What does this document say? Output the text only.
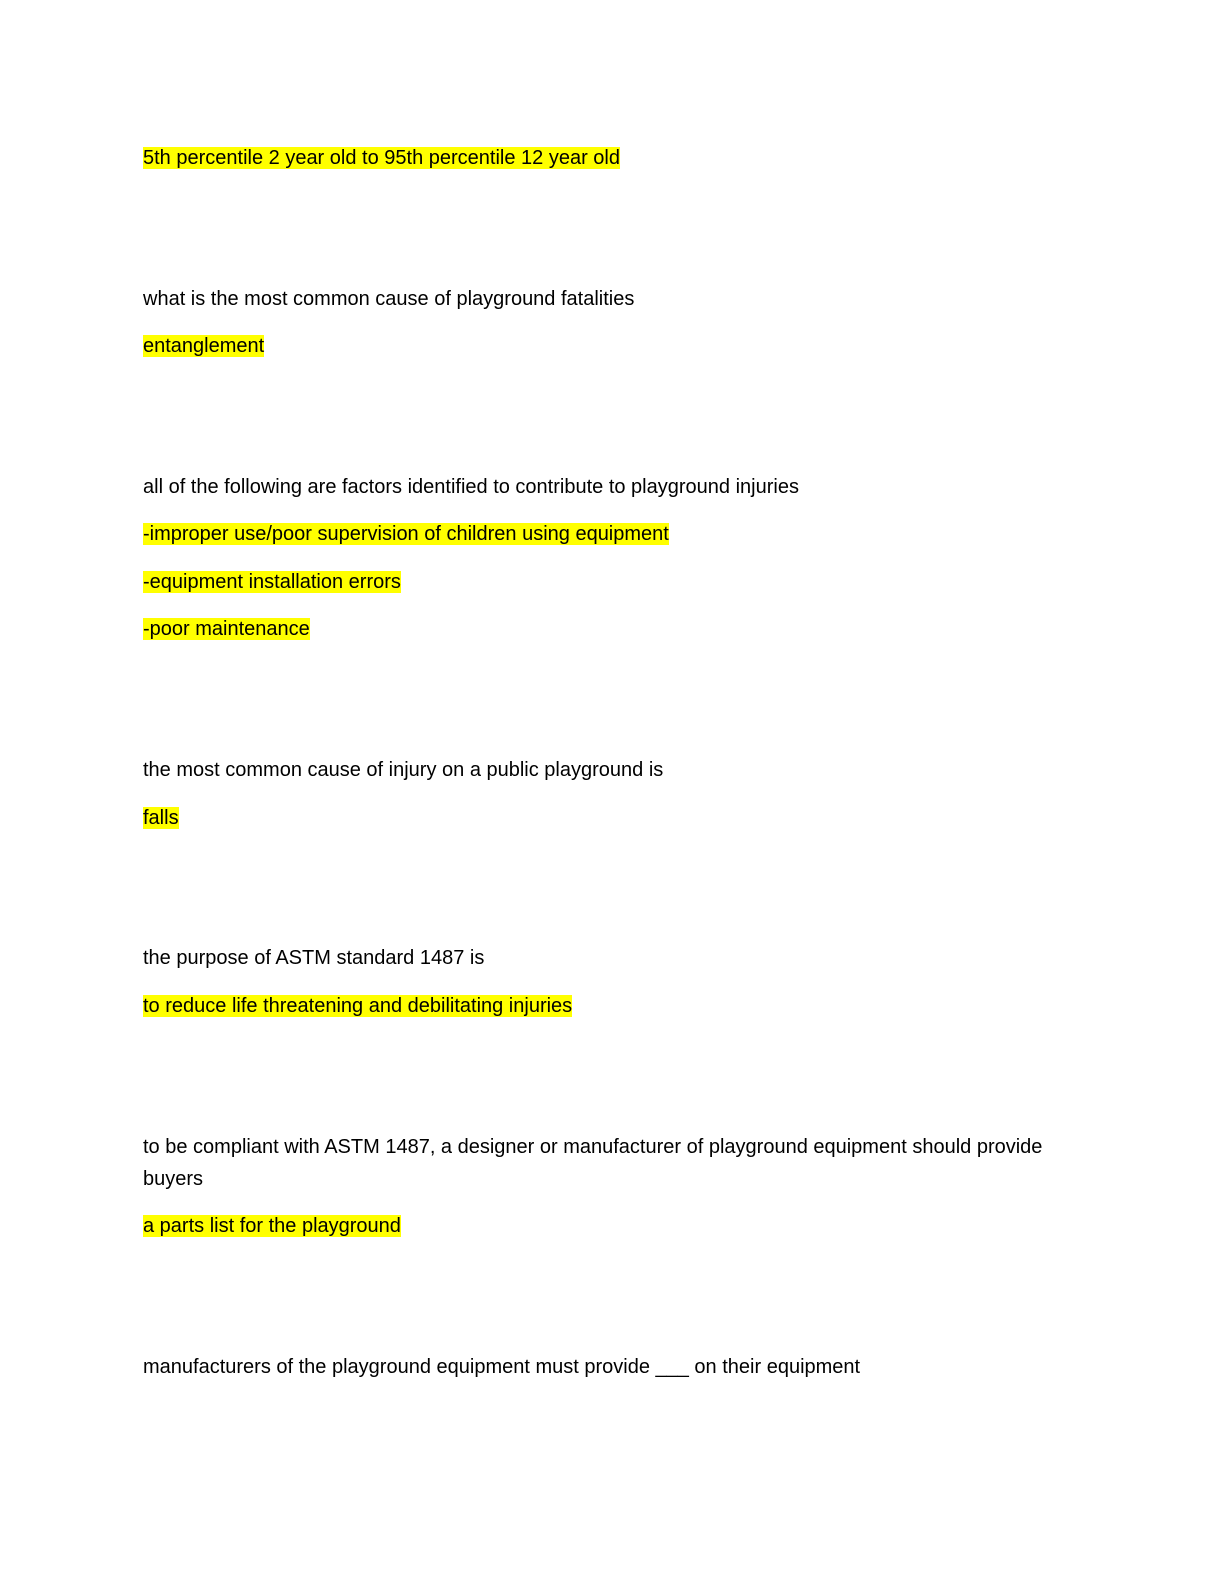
5th percentile 2 year old to 95th percentile 12 year old
what is the most common cause of playground fatalities
entanglement
all of the following are factors identified to contribute to playground injuries
-improper use/poor supervision of children using equipment
-equipment installation errors
-poor maintenance
the most common cause of injury on a public playground is
falls
the purpose of ASTM standard 1487 is
to reduce life threatening and debilitating injuries
to be compliant with ASTM 1487, a designer or manufacturer of playground equipment should provide buyers
a parts list for the playground
manufacturers of the playground equipment must provide ___ on their equipment
